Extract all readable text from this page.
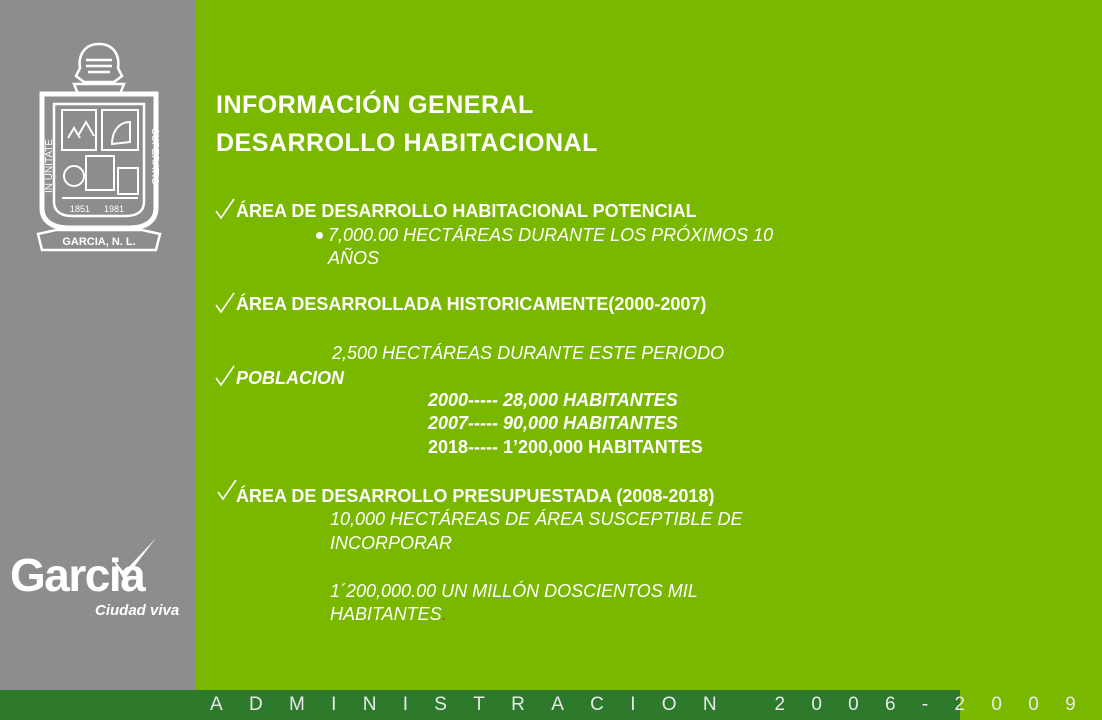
IN UNITATE	SUPERATIO
1851 1981
GARCIA, N. L.
Garcia
Ciudad viva
INFORMACIÓN GENERAL
DESARROLLO HABITACIONAL
ÁREA DE DESARROLLO HABITACIONAL POTENCIAL
7,000.00 HECTÁREAS DURANTE LOS PRÓXIMOS 10
AÑOS
ÁREA DESARROLLADA HISTORICAMENTE(2000-2007)
2,500 HECTÁREAS DURANTE ESTE PERIODO
POBLACION
2000----- 28,000 HABITANTES
2007----- 90,000 HABITANTES
2018----- 1’200,000 HABITANTES
ÁREA DE DESARROLLO PRESUPUESTADA (2008-2018)
10,000 HECTÁREAS DE ÁREA SUSCEPTIBLE DE
INCORPORAR
1´200,000.00 UN MILLÓN DOSCIENTOS MIL
HABITANTES.
ADMINISTRACION 2006-2009
